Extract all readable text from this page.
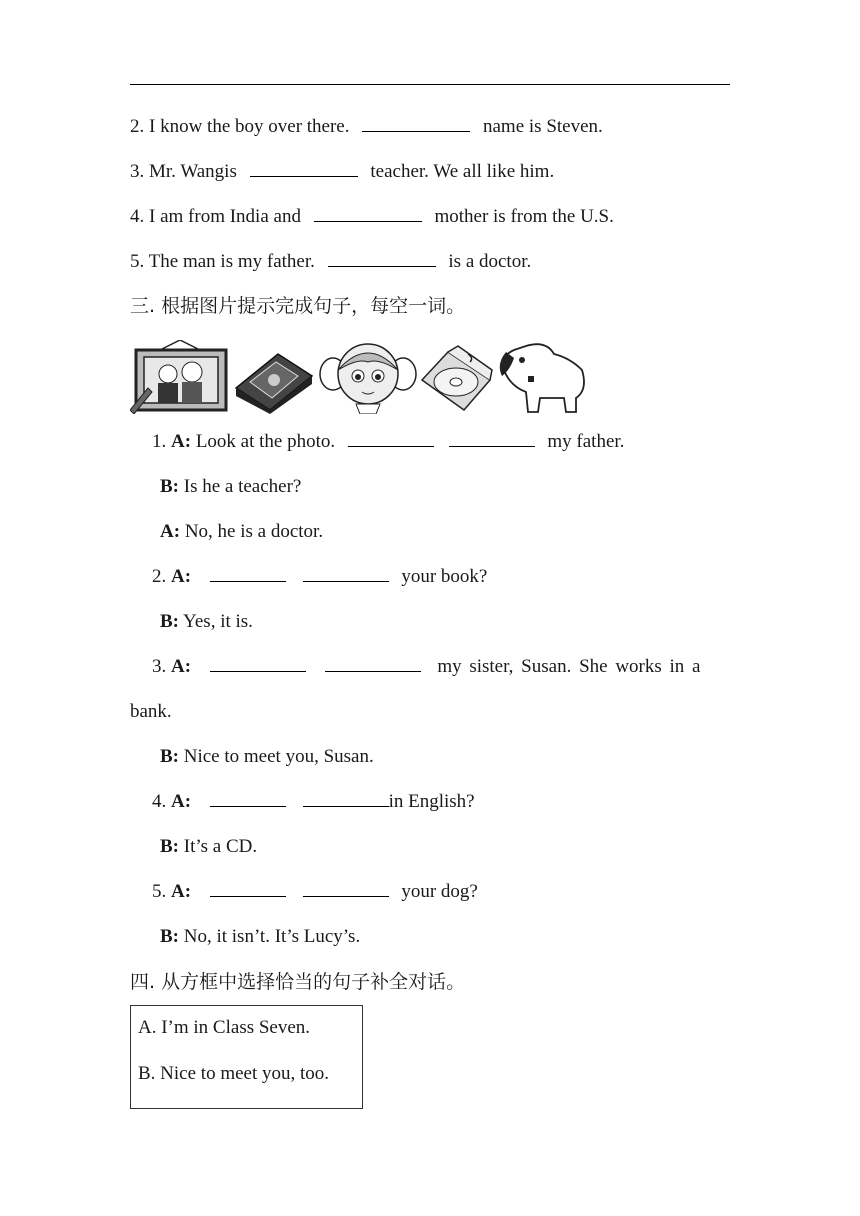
2. I know the boy over there.	name is Steven.
3. Mr. Wangis	teacher. We all like him.
4. I am from India and	mother is from the U.S.
5. The man is my father.	is a doctor.
三. 根据图片提示完成句子，每空一词。
1. A: Look at the photo.	my father.
B: Is he a teacher?
A: No, he is a doctor.
2. A:	your book?
B: Yes, it is.
3. A:	my sister, Susan. She works in a
bank.
B: Nice to meet you, Susan.
4. A:	in English?
B: It’s a CD.
5. A:	your dog?
B: No, it isn’t. It’s Lucy’s.
四. 从方框中选择恰当的句子补全对话。
A. I’m in Class Seven.
B. Nice to meet you, too.
